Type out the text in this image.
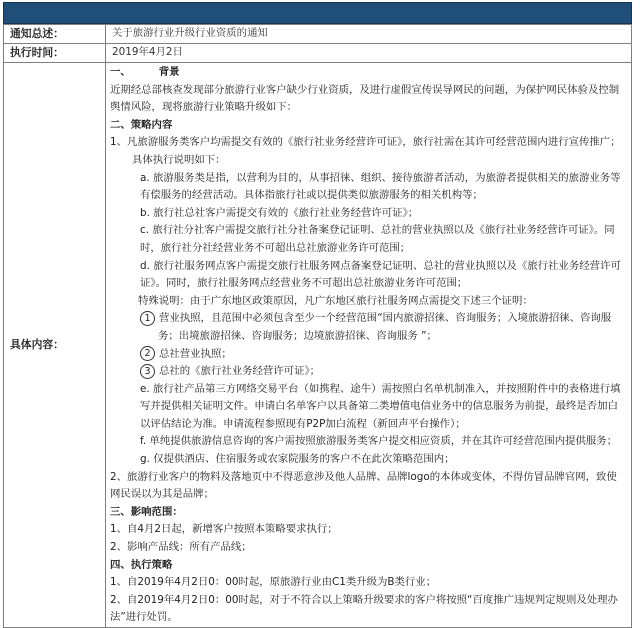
通知总述：	关于旅游行业升级行业资质的通知
执行时间：	2019年4月2日
具体内容：	

一、	背景

近期经总部核查发现部分旅游行业客户缺少行业资质，及进行虚假宣传误导网民的问题，为保护网民体验及控制舆情风险，现将旅游行业策略升级如下：

二、策略内容

1、凡旅游服务类客户均需提交有效的《旅行社业务经营许可证》，旅行社需在其许可经营范围内进行宣传推广；

具体执行说明如下：

a. 旅游服务类是指，以营利为目的，从事招徕、组织、接待旅游者活动，为旅游者提供相关的旅游业务等有偿服务的经营活动。具体指旅行社或以提供类似旅游服务的相关机构等；

b. 旅行社总社客户需提交有效的《旅行社业务经营许可证》；

c. 旅行社分社客户需提交旅行社分社备案登记证明、总社的营业执照以及《旅行社业务经营许可证》。同时，旅行社分社经营业务不可超出总社旅游业务许可范围；

d. 旅行社服务网点客户需提交旅行社服务网点备案登记证明、总社的营业执照以及《旅行社业务经营许可证》。同时，旅行社服务网点经营业务不可超出总社旅游业务许可范围；

特殊说明：由于广东地区政策原因，凡广东地区旅行社服务网点需提交下述三个证明：

1 营业执照，且范围中必须包含至少一个经营范围“国内旅游招徕、咨询服务；入境旅游招徕、咨询服务；出境旅游招徕、咨询服务；边境旅游招徕、咨询服务 ”；

2 总社营业执照；

3 总社的《旅行社业务经营许可证》；

e. 旅行社产品第三方网络交易平台（如携程、途牛）需按照白名单机制准入，并按照附件中的表格进行填写并提供相关证明文件。申请白名单客户以具备第二类增值电信业务中的信息服务为前提，最终是否加白以评估结论为准。申请流程参照现有P2P加白流程（新回声平台操作）；

f. 单纯提供旅游信息咨询的客户需按照旅游服务类客户提交相应资质，并在其许可经营范围内提供服务；

g. 仅提供酒店、住宿服务或农家院服务的客户不在此次策略范围内；

2、旅游行业客户的物料及落地页中不得恶意涉及他人品牌、品牌logo的本体或变体，不得仿冒品牌官网，致使网民误以为其是品牌；

三、影响范围：

1、自4月2日起，新增客户按照本策略要求执行；

2、影响产品线：所有产品线；

四、执行策略

1、自2019年4月2日0：00时起，原旅游行业由C1类升级为B类行业；

2、自2019年4月2日0：00时起，对于不符合以上策略升级要求的客户将按照“百度推广违规判定规则及处理办法”进行处罚。
